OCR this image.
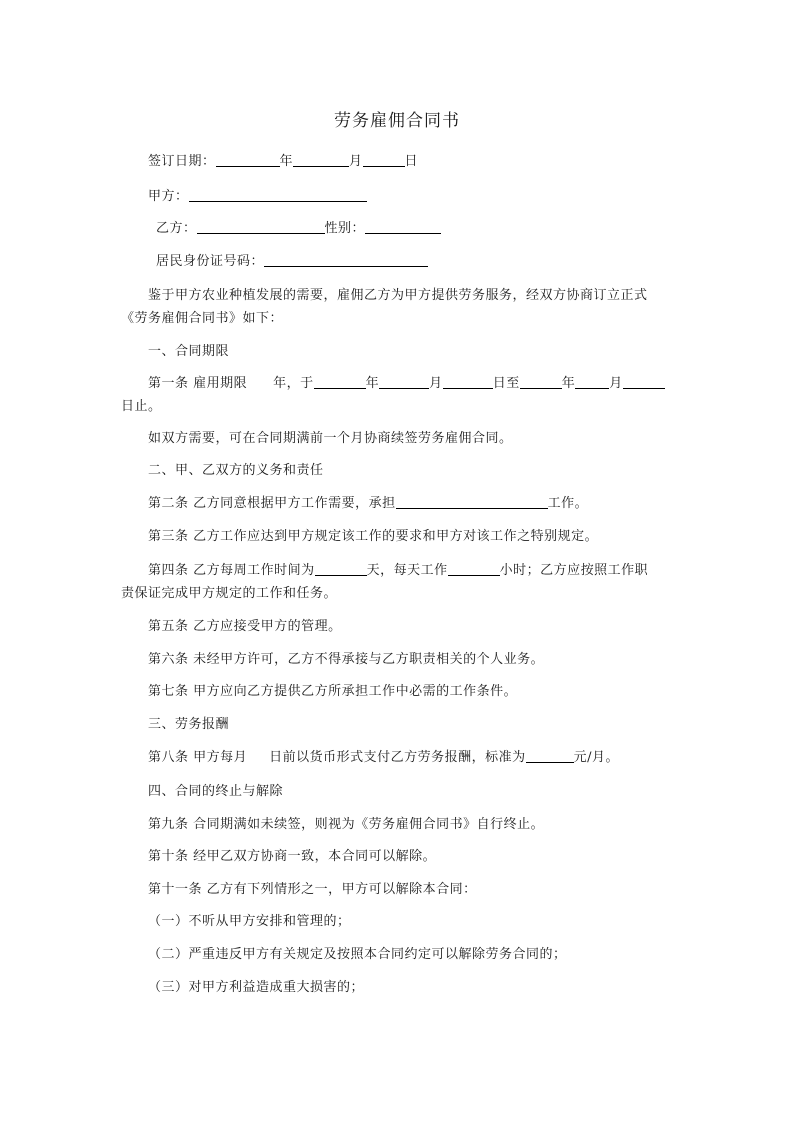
劳务雇佣合同书
签订日期：	年	月	日
甲方：
乙方：	性别：
居民身份证号码：
鉴于甲方农业种植发展的需要，雇佣乙方为甲方提供劳务服务，经双方协商订立正式
《劳务雇佣合同书》如下：
一、合同期限
第一条 雇用期限 年，于	年	月	日至	年	月
日止。
如双方需要，可在合同期满前一个月协商续签劳务雇佣合同。
二、甲、乙双方的义务和责任
第二条 乙方同意根据甲方工作需要，承担	工作。
第三条 乙方工作应达到甲方规定该工作的要求和甲方对该工作之特别规定。
第四条 乙方每周工作时间为	天，每天工作	小时；乙方应按照工作职
责保证完成甲方规定的工作和任务。
第五条 乙方应接受甲方的管理。
第六条 未经甲方许可，乙方不得承接与乙方职责相关的个人业务。
第七条 甲方应向乙方提供乙方所承担工作中必需的工作条件。
三、劳务报酬
第八条 甲方每月 日前以货币形式支付乙方劳务报酬，标准为	元/月。
四、合同的终止与解除
第九条 合同期满如未续签，则视为《劳务雇佣合同书》自行终止。
第十条 经甲乙双方协商一致，本合同可以解除。
第十一条 乙方有下列情形之一，甲方可以解除本合同：
（一）不听从甲方安排和管理的；
（二）严重违反甲方有关规定及按照本合同约定可以解除劳务合同的；
（三）对甲方利益造成重大损害的；
